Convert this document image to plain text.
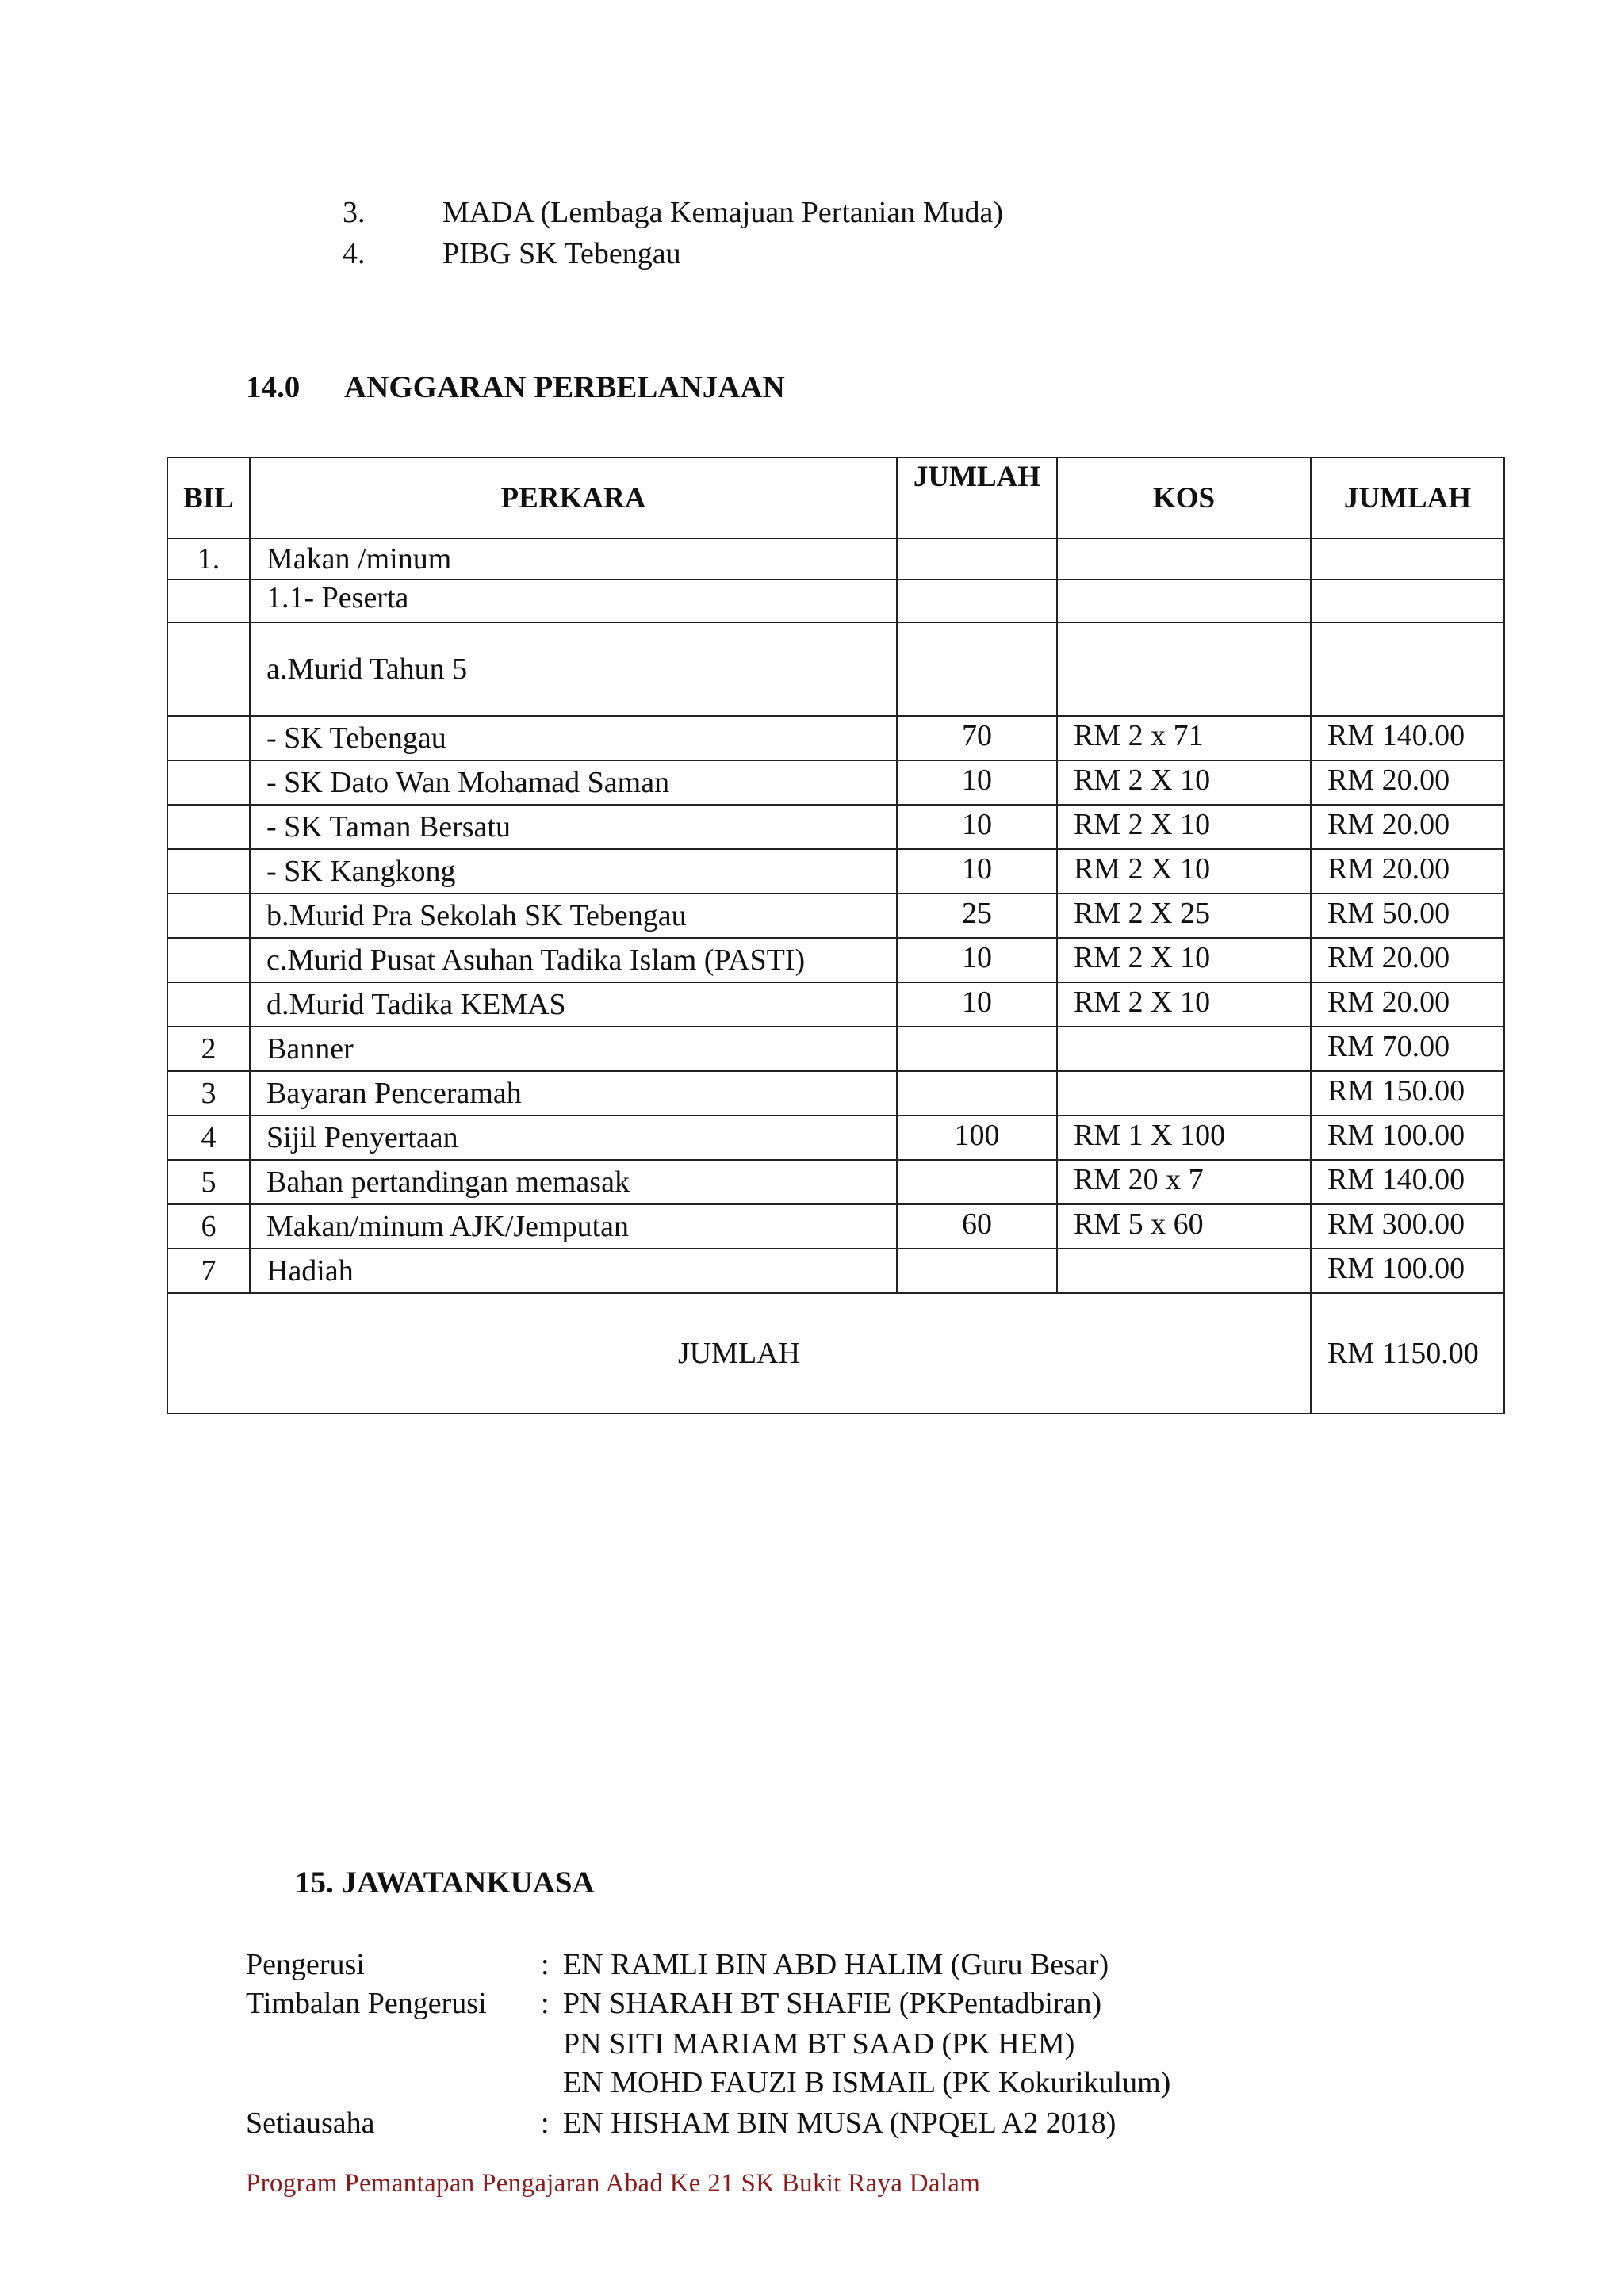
3.	MADA (Lembaga Kemajuan Pertanian Muda)
4.	PIBG SK Tebengau
14.0 ANGGARAN PERBELANJAAN
BIL	PERKARA	JUMLAH	KOS	JUMLAH
1.	Makan /minum			
	1.1- Peserta			
	a.Murid Tahun 5			
	- SK Tebengau	70	RM 2 x 71	RM 140.00
	- SK Dato Wan Mohamad Saman	10	RM 2 X 10	RM 20.00
	- SK Taman Bersatu	10	RM 2 X 10	RM 20.00
	- SK Kangkong	10	RM 2 X 10	RM 20.00
	b.Murid Pra Sekolah SK Tebengau	25	RM 2 X 25	RM 50.00
	c.Murid Pusat Asuhan Tadika Islam (PASTI)	10	RM 2 X 10	RM 20.00
	d.Murid Tadika KEMAS	10	RM 2 X 10	RM 20.00
2	Banner			RM 70.00
3	Bayaran Penceramah			RM 150.00
4	Sijil Penyertaan	100	RM 1 X 100	RM 100.00
5	Bahan pertandingan memasak		RM 20 x 7	RM 140.00
6	Makan/minum AJK/Jemputan	60	RM 5 x 60	RM 300.00
7	Hadiah			RM 100.00
JUMLAH				RM 1150.00
15. JAWATANKUASA
Pengerusi	: EN RAMLI BIN ABD HALIM (Guru Besar)
Timbalan Pengerusi : PN SHARAH BT SHAFIE (PKPentadbiran)
PN SITI MARIAM BT SAAD (PK HEM)
EN MOHD FAUZI B ISMAIL (PK Kokurikulum)
Setiausaha	: EN HISHAM BIN MUSA (NPQEL A2 2018)
Program Pemantapan Pengajaran Abad Ke 21 SK Bukit Raya Dalam
